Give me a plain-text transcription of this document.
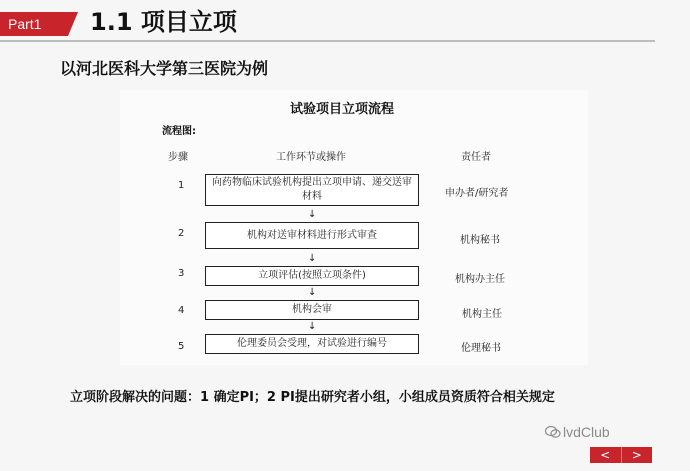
Part1 1.1 项目立项
以河北医科大学第三医院为例
试验项目立项流程
流程图:
步骤	工作环节或操作	责任者
1	向药物临床试验机构提出立项申请、递交送审材料	申办者/研究者
↓
2	机构对送审材料进行形式审查	机构秘书
↓
3	立项评估(按照立项条件)	机构办主任
↓
4	机构会审	机构主任
↓
5	伦理委员会受理，对试验进行编号	伦理秘书
立项阶段解决的问题：1 确定PI；2 PI提出研究者小组，小组成员资质符合相关规定
lvdClub
<	>
